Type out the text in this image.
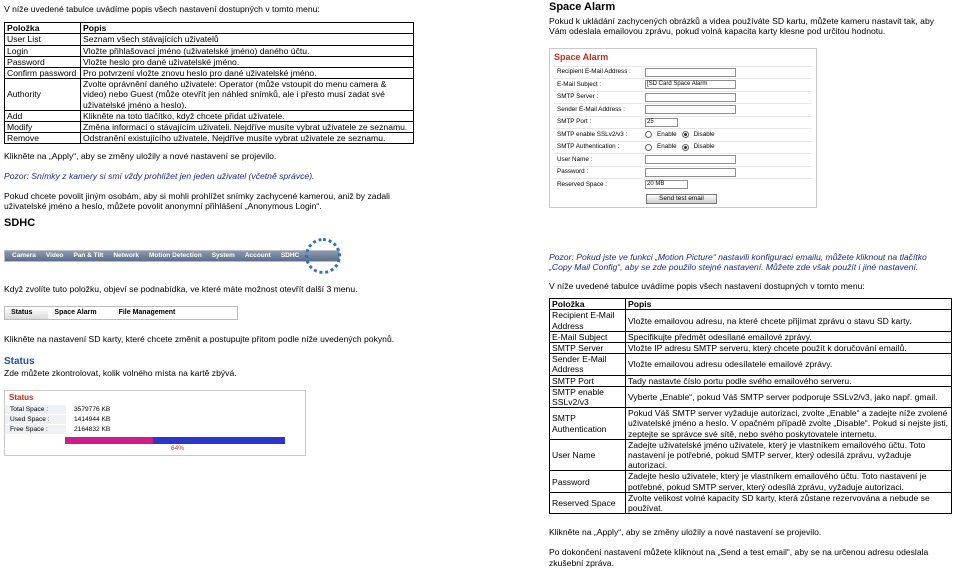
V níže uvedené tabulce uvádíme popis všech nastavení dostupných v tomto menu:

Položka	Popis
User List	Seznam všech stávajících uživatelů
Login	Vložte přihlašovací jméno (uživatelské jméno) daného účtu.
Password	Vložte heslo pro dané uživatelské jméno.
Confirm password	Pro potvrzení vložte znovu heslo pro dané uživatelské jméno.
Authority	Zvolte oprávnění daného uživatele: Operator (může vstoupit do menu camera & video) nebo Guest (může otevřít jen náhled snímků, ale i přesto musí zadat své uživatelské jméno a heslo).
Add	Klikněte na toto tlačítko, když chcete přidat uživatele.
Modify	Změna informací o stávajícím uživateli. Nejdříve musíte vybrat uživatele ze seznamu.
Remove	Odstranění existujícího uživatele. Nejdříve musíte vybrat uživatele ze seznamu.

Klikněte na „Apply“, aby se změny uložily a nové nastavení se projevilo.

Pozor: Snímky z kamery si smí vždy prohlížet jen jeden uživatel (včetně správce).

Pokud chcete povolit jiným osobám, aby si mohli prohlížet snímky zachycené kamerou, aniž by zadali uživatelské jméno a heslo, můžete povolit anonymní přihlášení „Anonymous Login“.

SDHC

Camera	Video	Pan & Tilt	Network	Motion Detection	System	Account	SDHC

Když zvolíte tuto položku, objeví se podnabídka, ve které máte možnost otevřít další 3 menu.

Status	Space Alarm	File Management

Klikněte na nastavení SD karty, které chcete změnit a postupujte přitom podle níže uvedených pokynů.

Status

Zde můžete zkontrolovat, kolik volného místa na kartě zbývá.

Status
Total Space :	3579776 KB
Used Space :	1414944 KB
Free Space :	2164832 KB
64%

Space Alarm

Pokud k ukládání zachycených obrázků a videa používáte SD kartu, můžete kameru nastavit tak, aby Vám odeslala emailovou zprávu, pokud volná kapacita karty klesne pod určitou hodnotu.

Space Alarm
Recipient E-Mail Address :
E-Mail Subject :	[SD Card Space Alarm
SMTP Server :
Sender E-Mail Address :
SMTP Port :	25
SMTP enable SSLv2/v3 :	Enable	Disable
SMTP Authentication :	Enable	Disable
User Name :
Password :
Reserved Space :	20 MB
Send test email

Pozor: Pokud jste ve funkci „Motion Picture“ nastavili konfiguraci emailu, můžete kliknout na tlačítko „Copy Mail Config“, aby se zde použilo stejné nastavení. Můžete zde však použít i jiné nastavení.

V níže uvedené tabulce uvádíme popis všech nastavení dostupných v tomto menu:

Položka	Popis
Recipient E-Mail Address	Vložte emailovou adresu, na které chcete přijímat zprávu o stavu SD karty.
E-Mail Subject	Specifikujte předmět odesílané emailové zprávy.
SMTP Server	Vložte IP adresu SMTP serveru, který chcete použít k doručování emailů.
Sender E-Mail Address	Vložte emailovou adresu odesílatele emailové zprávy.
SMTP Port	Tady nastavte číslo portu podle svého emailového serveru.
SMTP enable SSLv2/v3	Vyberte „Enable“, pokud Váš SMTP server podporuje SSLv2/v3, jako např. gmail.
SMTP Authentication	Pokud Váš SMTP server vyžaduje autorizaci, zvolte „Enable“ a zadejte níže zvolené uživatelské jméno a heslo. V opačném případě zvolte „Disable“. Pokud si nejste jisti, zeptejte se správce své sítě, nebo svého poskytovatele internetu.
User Name	Zadejte uživatelské jméno uživatele, který je vlastníkem emailového účtu. Toto nastavení je potřebné, pokud SMTP server, který odesílá zprávu, vyžaduje autorizaci.
Password	Zadejte heslo uživatele, který je vlastníkem emailového účtu. Toto nastavení je potřebné, pokud SMTP server, který odesílá zprávu, vyžaduje autorizaci.
Reserved Space	Zvolte velikost volné kapacity SD karty, která zůstane rezervována a nebude se používat.

Klikněte na „Apply“, aby se změny uložily a nové nastavení se projevilo.

Po dokončení nastavení můžete kliknout na „Send a test email“, aby se na určenou adresu odeslala zkušební zpráva.
